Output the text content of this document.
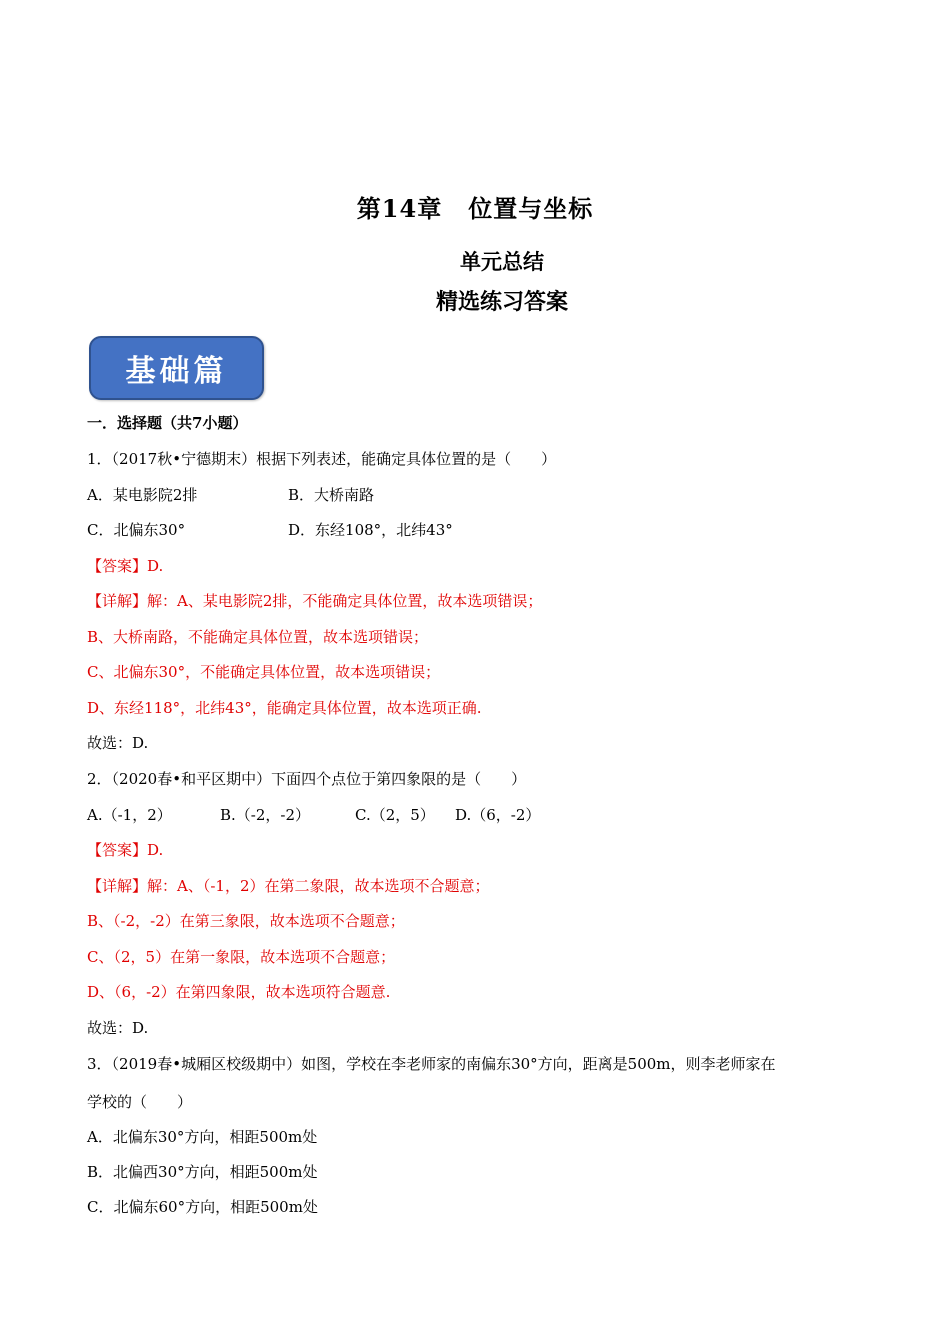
第14章 位置与坐标
单元总结
精选练习答案
基础篇
一．选择题（共7小题）
1．（2017秋•宁德期末）根据下列表述，能确定具体位置的是（　　）
A．某电影院2排	B．大桥南路
C．北偏东30°	D．东经108°，北纬43°
【答案】D.
【详解】解：A、某电影院2排，不能确定具体位置，故本选项错误；
B、大桥南路，不能确定具体位置，故本选项错误；
C、北偏东30°，不能确定具体位置，故本选项错误；
D、东经118°，北纬43°，能确定具体位置，故本选项正确.
故选：D.
2．（2020春•和平区期中）下面四个点位于第四象限的是（　　）
A.（-1，2）	B.（-2，-2）	C.（2，5） D.（6，-2）
【答案】D.
【详解】解：A、（-1，2）在第二象限，故本选项不合题意；
B、（-2，-2）在第三象限，故本选项不合题意；
C、（2，5）在第一象限，故本选项不合题意；
D、（6，-2）在第四象限，故本选项符合题意.
故选：D.
3．（2019春•城厢区校级期中）如图，学校在李老师家的南偏东30°方向，距离是500m，则李老师家在
学校的（　　）
A．北偏东30°方向，相距500m处
B．北偏西30°方向，相距500m处
C．北偏东60°方向，相距500m处
